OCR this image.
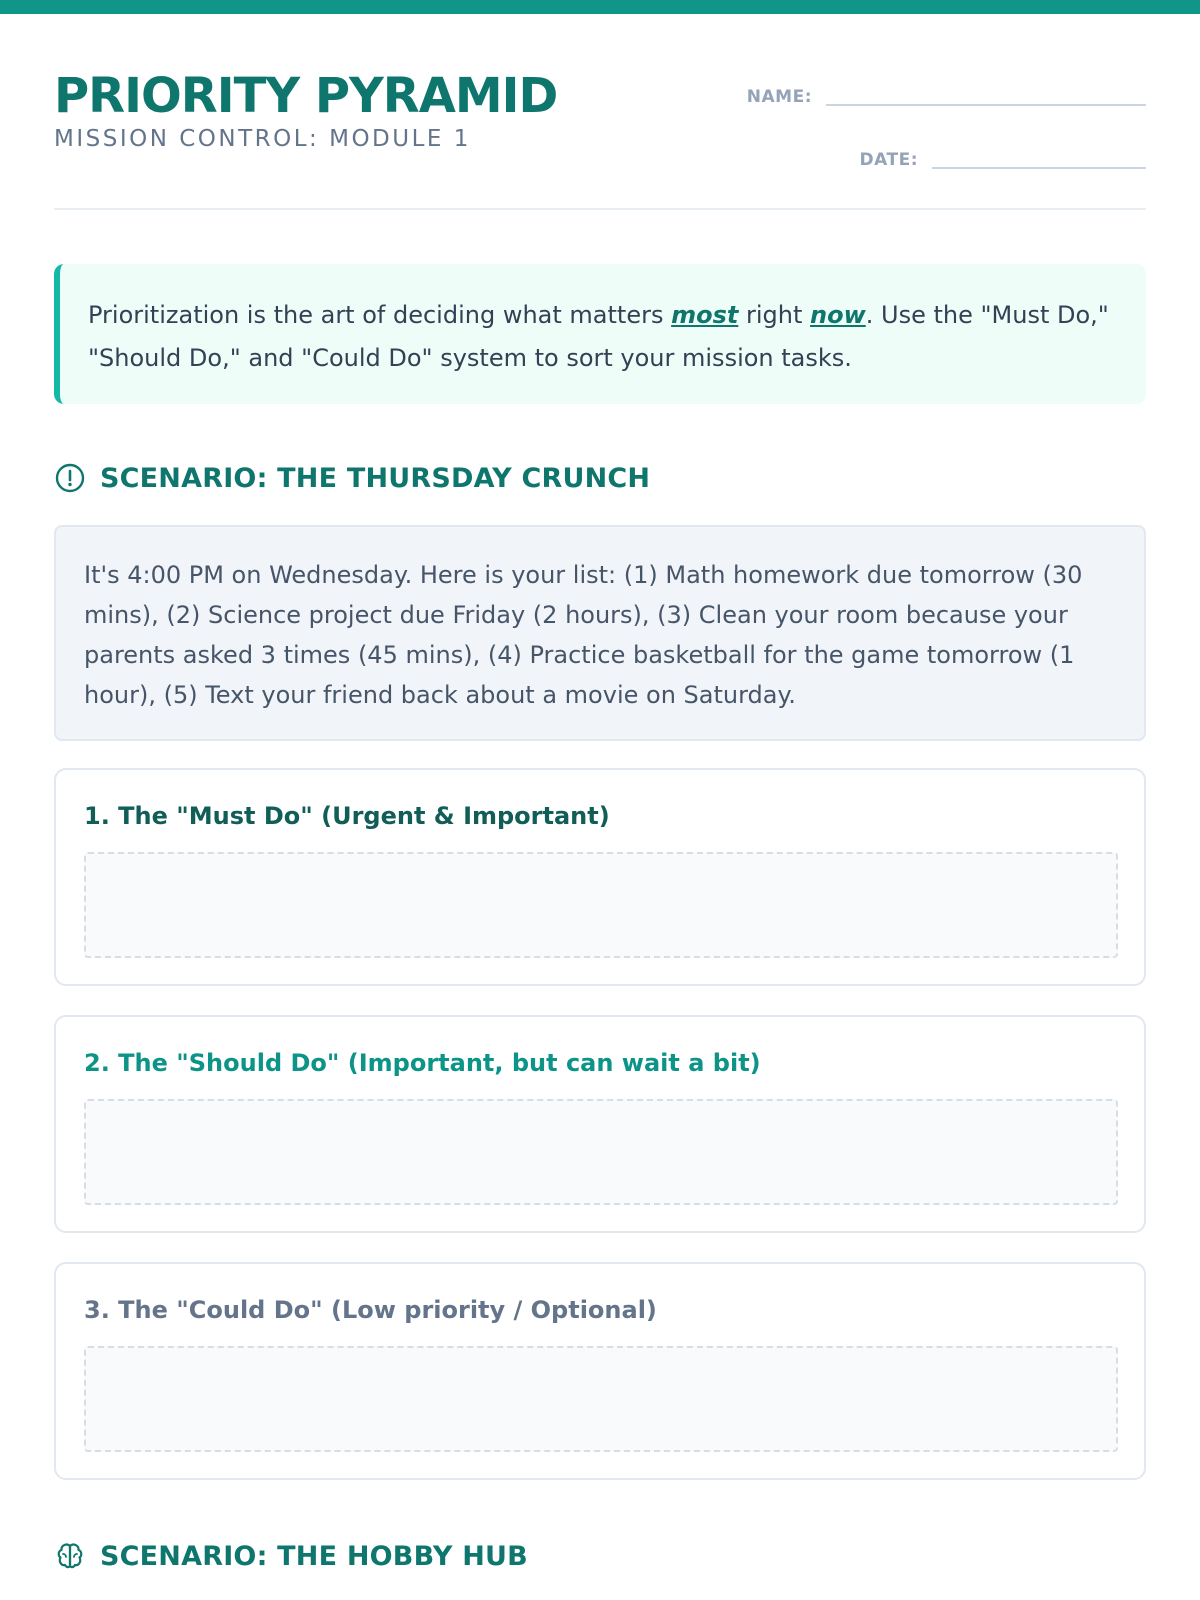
PRIORITY PYRAMID
MISSION CONTROL: MODULE 1
NAME:
DATE:
Prioritization is the art of deciding what matters most right now. Use the "Must Do," "Should Do," and "Could Do" system to sort your mission tasks.
SCENARIO: THE THURSDAY CRUNCH
It's 4:00 PM on Wednesday. Here is your list: (1) Math homework due tomorrow (30 mins), (2) Science project due Friday (2 hours), (3) Clean your room because your parents asked 3 times (45 mins), (4) Practice basketball for the game tomorrow (1 hour), (5) Text your friend back about a movie on Saturday.
1. The "Must Do" (Urgent & Important)
2. The "Should Do" (Important, but can wait a bit)
3. The "Could Do" (Low priority / Optional)
SCENARIO: THE HOBBY HUB
